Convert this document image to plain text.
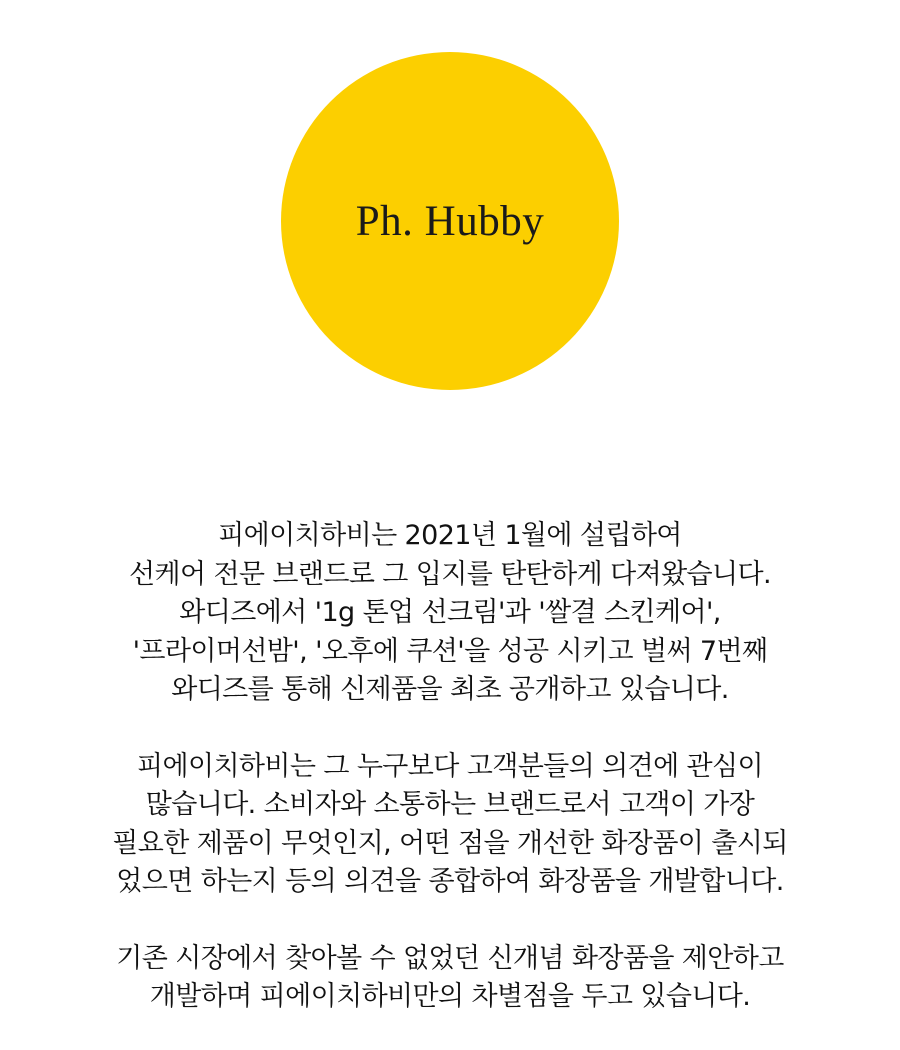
Ph. Hubby

피에이치하비는 2021년 1월에 설립하여
선케어 전문 브랜드로 그 입지를 탄탄하게 다져왔습니다.
와디즈에서 '1g 톤업 선크림'과 '쌀결 스킨케어',
'프라이머선밤', '오후에 쿠션'을 성공 시키고 벌써 7번째
와디즈를 통해 신제품을 최초 공개하고 있습니다.

피에이치하비는 그 누구보다 고객분들의 의견에 관심이
많습니다. 소비자와 소통하는 브랜드로서 고객이 가장
필요한 제품이 무엇인지, 어떤 점을 개선한 화장품이 출시되
었으면 하는지 등의 의견을 종합하여 화장품을 개발합니다.

기존 시장에서 찾아볼 수 없었던 신개념 화장품을 제안하고
개발하며 피에이치하비만의 차별점을 두고 있습니다.
